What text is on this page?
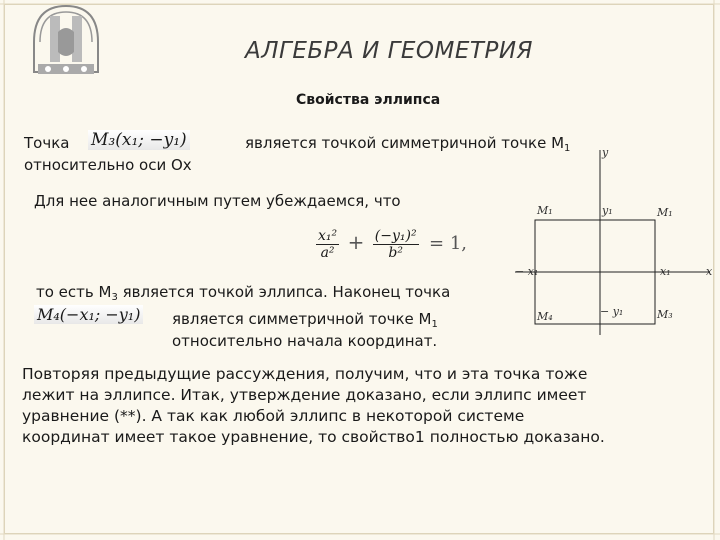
АЛГЕБРА И ГЕОМЕТРИЯ
Свойства эллипса
Точка M₃(x₁; −y₁)	является точкой симметричной точке $М_1$
относительно оси Ox
Для нее аналогичным путем убеждаемся, что
$\frac{\text{x₁²}}{\text{a²}} + \frac{\text{(−y₁)²}}{\text{b²}} = 1$,
то есть $М_3$ является точкой эллипса. Наконец точка
M₄(−x₁; −y₁) является симметричной точке $М_1$
относительно начала координат.
y
x
M₁	y₁	M₁
− x₁	x₁
M₄	− y₁	M₃
Повторяя предыдущие рассуждения, получим, что и эта точка тоже
лежит на эллипсе. Итак, утверждение доказано, если эллипс имеет
уравнение (**). А так как любой эллипс в некоторой системе
координат имеет такое уравнение, то свойство1 полностью доказано.
